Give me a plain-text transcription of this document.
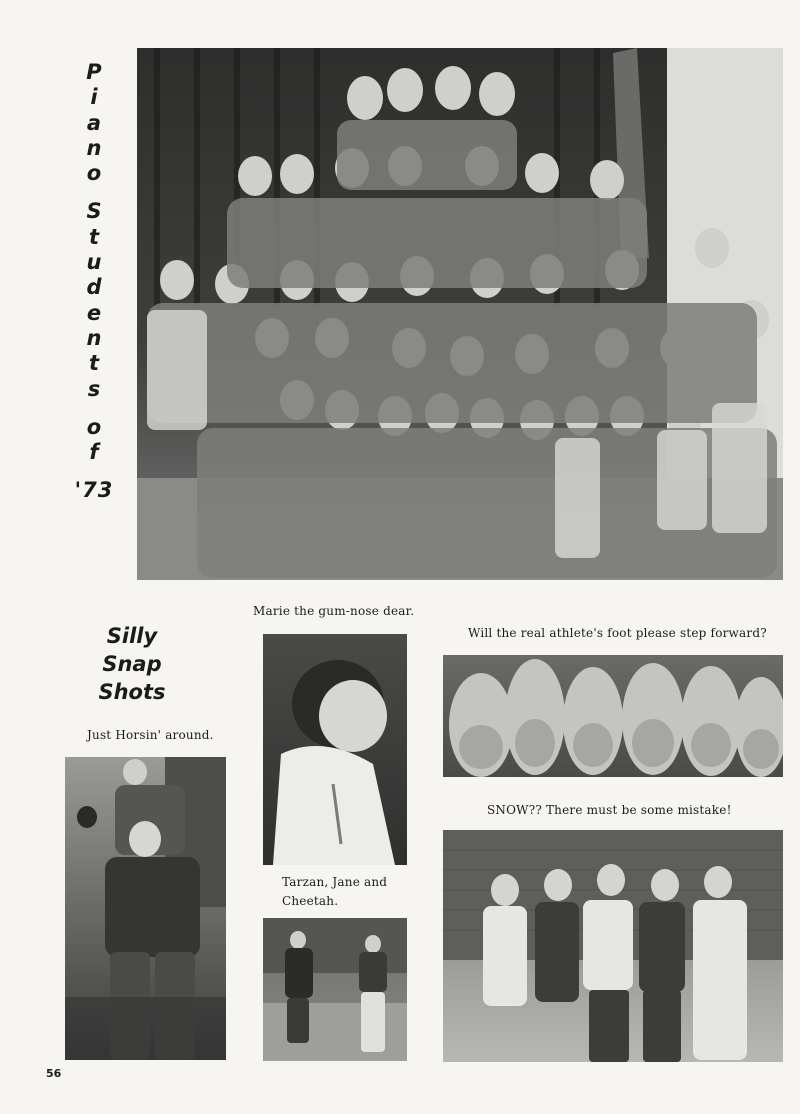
P
i
a
n
o
S
t
u
d
e
n
t
s
o
f
'73
Silly
Snap
Shots
Marie the gum-nose dear.
Will the real athlete's foot please step forward?
Just Horsin' around.
Tarzan, Jane and
Cheetah.
SNOW?? There must be some mistake!
56
